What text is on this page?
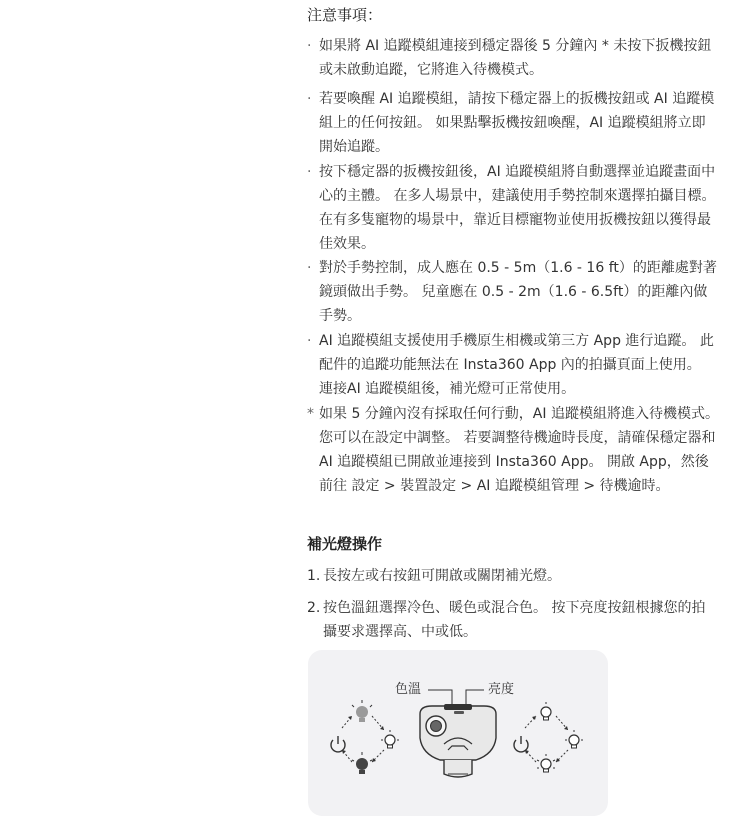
注意事項：
· 如果將 AI 追蹤模組連接到穩定器後 5 分鐘內 * 未按下扳機按鈕或未啟動追蹤，它將進入待機模式。
· 若要喚醒 AI 追蹤模組，請按下穩定器上的扳機按鈕或 AI 追蹤模組上的任何按鈕。 如果點擊扳機按鈕喚醒，AI 追蹤模組將立即開始追蹤。
· 按下穩定器的扳機按鈕後，AI 追蹤模組將自動選擇並追蹤畫面中心的主體。 在多人場景中，建議使用手勢控制來選擇拍攝目標。 在有多隻寵物的場景中，靠近目標寵物並使用扳機按鈕以獲得最佳效果。
· 對於手勢控制，成人應在 0.5 - 5m（1.6 - 16 ft）的距離處對著鏡頭做出手勢。 兒童應在 0.5 - 2m（1.6 - 6.5ft）的距離內做手勢。
· AI 追蹤模組支援使用手機原生相機或第三方 App 進行追蹤。 此配件的追蹤功能無法在 Insta360 App 內的拍攝頁面上使用。 連接AI 追蹤模組後，補光燈可正常使用。
* 如果 5 分鐘內沒有採取任何行動，AI 追蹤模組將進入待機模式。 您可以在設定中調整。 若要調整待機逾時長度，請確保穩定器和 AI 追蹤模組已開啟並連接到 Insta360 App。 開啟 App，然後前往 設定 > 裝置設定 > AI 追蹤模組管理 > 待機逾時。
補光燈操作
1. 長按左或右按鈕可開啟或關閉補光燈。
2. 按色溫鈕選擇冷色、暖色或混合色。 按下亮度按鈕根據您的拍攝要求選擇高、中或低。
色溫	亮度
